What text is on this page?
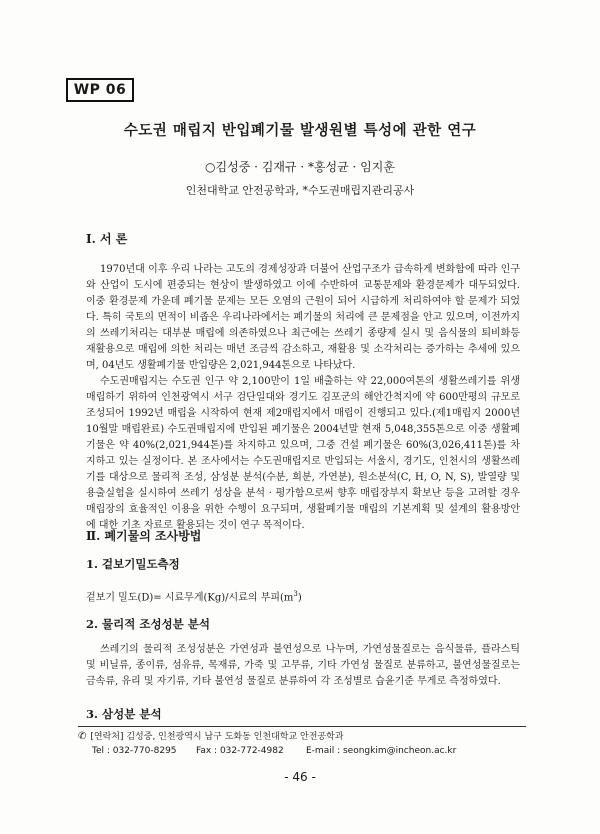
WP 06
수도권 매립지 반입폐기물 발생원별 특성에 관한 연구
○김성중 · 김재규 · *홍성균 · 임지훈
인천대학교 안전공학과, *수도권매립지관리공사
Ⅰ. 서 론

1970년대 이후 우리 나라는 고도의 경제성장과 더불어 산업구조가 급속하게 변화함에 따라 인구와 산업이 도시에 편중되는 현상이 발생하였고 이에 수반하여 교통문제와 환경문제가 대두되었다. 이중 환경문제 가운데 폐기물 문제는 모든 오염의 근원이 되어 시급하게 처리하여야 할 문제가 되었다. 특히 국토의 면적이 비좁은 우리나라에서는 폐기물의 처리에 큰 문제점을 안고 있으며, 이전까지의 쓰레기처리는 대부분 매립에 의존하였으나 최근에는 쓰레기 종량제 실시 및 음식물의 퇴비화등 재활용으로 매립에 의한 처리는 매년 조금씩 감소하고, 재활용 및 소각처리는 증가하는 추세에 있으며, 04년도 생활폐기물 반입량은 2,021,944톤으로 나타났다.

수도권매립지는 수도권 인구 약 2,100만이 1일 배출하는 약 22,000여톤의 생활쓰레기를 위생매립하기 위하여 인천광역시 서구 검단일대와 경기도 김포군의 해안간척지에 약 600만평의 규모로 조성되어 1992년 매립을 시작하여 현재 제2매립지에서 매립이 진행되고 있다.(제1매립지 2000년 10월말 매립완료) 수도권매립지에 반입된 폐기물은 2004년말 현재 5,048,355톤으로 이중 생활폐기물은 약 40%(2,021,944톤)를 차지하고 있으며, 그중 건설 폐기물은 60%(3,026,411톤)를 차지하고 있는 실정이다. 본 조사에서는 수도권매립지로 반입되는 서울시, 경기도, 인천시의 생활쓰레기를 대상으로 물리적 조성, 삼성분 분석(수분, 회분, 가연분), 원소분석(C, H, O, N, S), 발열량 및 용출실험을 실시하여 쓰레기 성상을 분석 · 평가함으로써 향후 매립장부지 확보난 등을 고려할 경우 매립장의 효율적인 이용을 위한 수행이 요구되며, 생활폐기물 매립의 기본계획 및 설계의 활용방안에 대한 기초 자료로 활용되는 것이 연구 목적이다.

Ⅱ. 폐기물의 조사방법
1. 겉보기밀도측정
겉보기 밀도(D)= 시료무게(Kg)/시료의 부피$(m^3)$
2. 물리적 조성성분 분석

쓰레기의 물리적 조성성분은 가연성과 불연성으로 나누며, 가연성물질로는 음식물류, 플라스틱 및 비닐류, 종이류, 섬유류, 목재류, 가죽 및 고무류, 기타 가연성 물질로 분류하고, 불연성물질로는 금속류, 유리 및 자기류, 기타 불연성 물질로 분류하여 각 조성별로 습윤기준 무게로 측정하였다.

3. 삼성분 분석
✆ [연락처] 김성중, 인천광역시 남구 도화동 인천대학교 안전공학과
Tel : 032-770-8295	Fax : 032-772-4982	E-mail : seongkim@incheon.ac.kr
- 46 -
